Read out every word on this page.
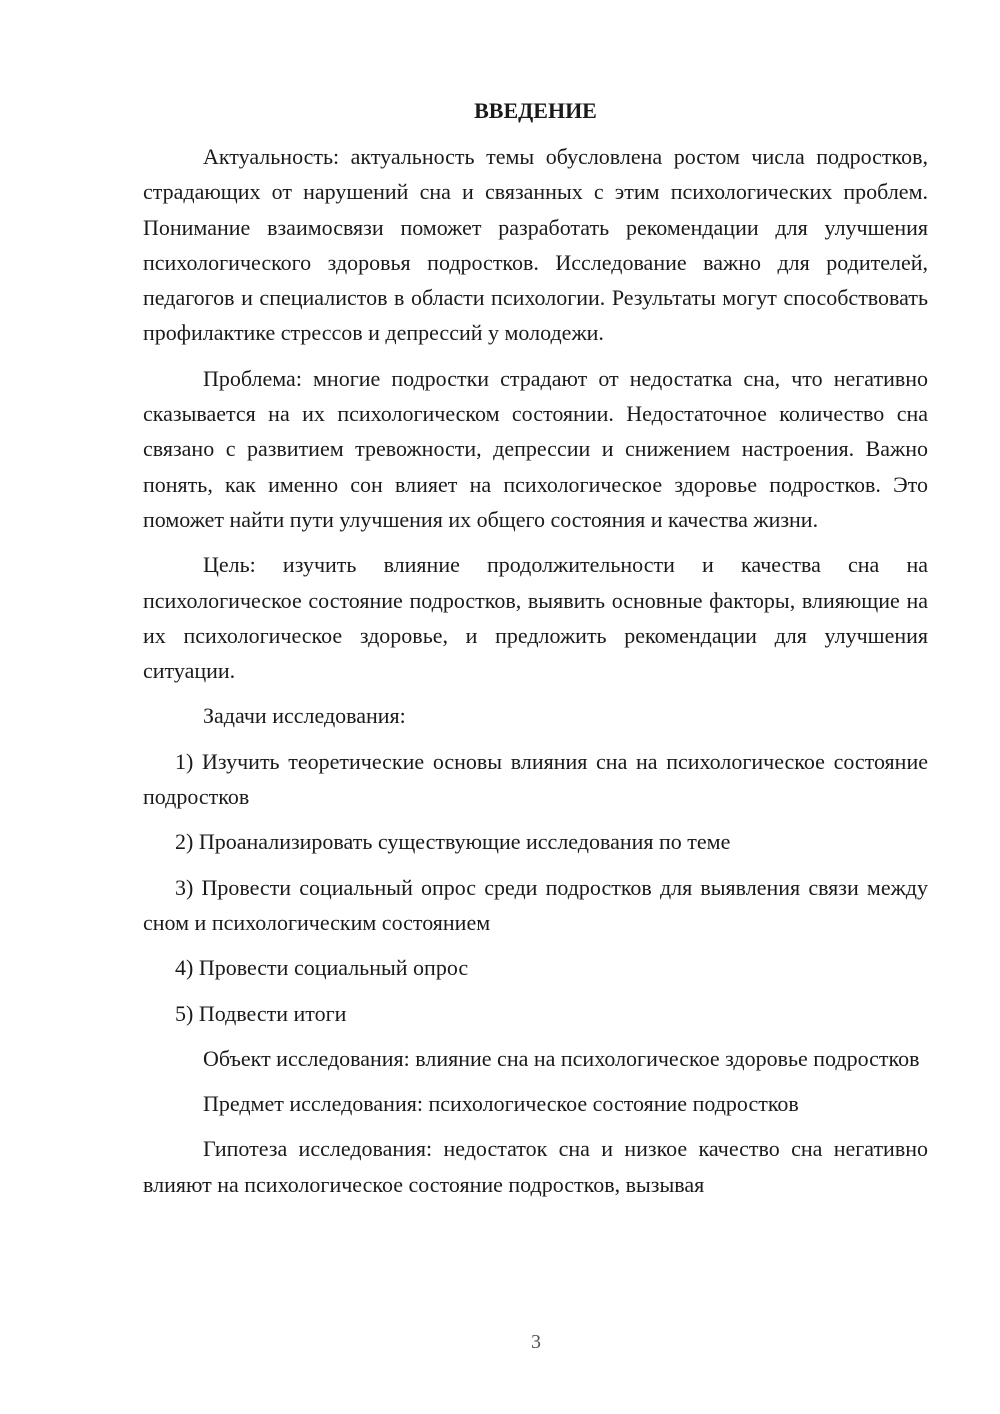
ВВЕДЕНИЕ

Актуальность: актуальность темы обусловлена ростом числа подростков, страдающих от нарушений сна и связанных с этим психологических проблем. Понимание взаимосвязи поможет разработать рекомендации для улучшения психологического здоровья подростков. Исследование важно для родителей, педагогов и специалистов в области психологии. Результаты могут способствовать профилактике стрессов и депрессий у молодежи.

Проблема: многие подростки страдают от недостатка сна, что негативно сказывается на их психологическом состоянии. Недостаточное количество сна связано с развитием тревожности, депрессии и снижением настроения. Важно понять, как именно сон влияет на психологическое здоровье подростков. Это поможет найти пути улучшения их общего состояния и качества жизни.

Цель: изучить влияние продолжительности и качества сна на психологическое состояние подростков, выявить основные факторы, влияющие на их психологическое здоровье, и предложить рекомендации для улучшения ситуации.

Задачи исследования:

1) Изучить теоретические основы влияния сна на психологическое состояние подростков

2) Проанализировать существующие исследования по теме

3) Провести социальный опрос среди подростков для выявления связи между сном и психологическим состоянием

4) Провести социальный опрос

5) Подвести итоги

Объект исследования: влияние сна на психологическое здоровье подростков

Предмет исследования: психологическое состояние подростков

Гипотеза исследования: недостаток сна и низкое качество сна негативно влияют на психологическое состояние подростков, вызывая

3
